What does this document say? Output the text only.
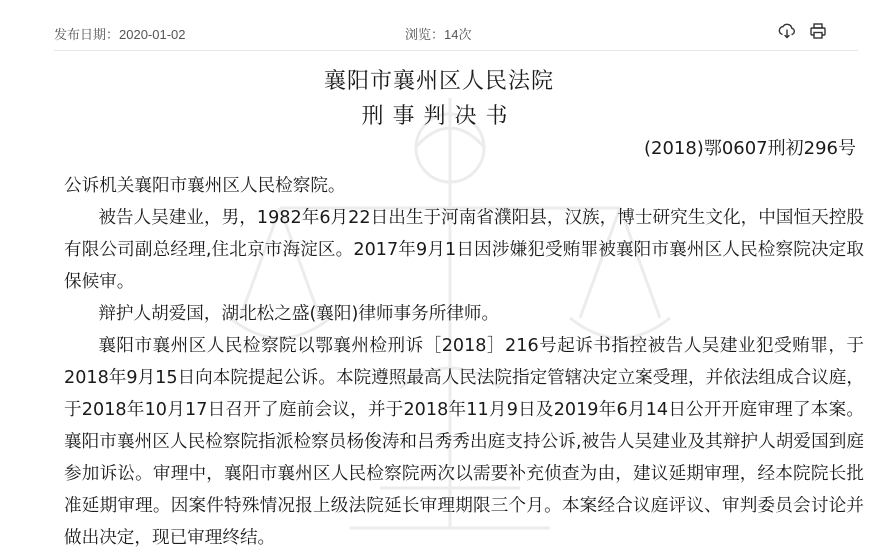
发布日期：2020-01-02	浏览：14次
襄阳市襄州区人民法院
刑事判决书
(2018)鄂0607刑初296号

公诉机关襄阳市襄州区人民检察院。

被告人吴建业，男，1982年6月22日出生于河南省濮阳县，汉族，博士研究生文化，中国恒天控股有限公司副总经理,住北京市海淀区。2017年9月1日因涉嫌犯受贿罪被襄阳市襄州区人民检察院决定取保候审。

辩护人胡爱国，湖北松之盛(襄阳)律师事务所律师。

襄阳市襄州区人民检察院以鄂襄州检刑诉［2018］216号起诉书指控被告人吴建业犯受贿罪，于2018年9月15日向本院提起公诉。本院遵照最高人民法院指定管辖决定立案受理，并依法组成合议庭，于2018年10月17日召开了庭前会议，并于2018年11月9日及2019年6月14日公开开庭审理了本案。襄阳市襄州区人民检察院指派检察员杨俊涛和吕秀秀出庭支持公诉,被告人吴建业及其辩护人胡爱国到庭参加诉讼。审理中，襄阳市襄州区人民检察院两次以需要补充侦查为由，建议延期审理，经本院院长批准延期审理。因案件特殊情况报上级法院延长审理期限三个月。本案经合议庭评议、审判委员会讨论并做出决定，现已审理终结。
